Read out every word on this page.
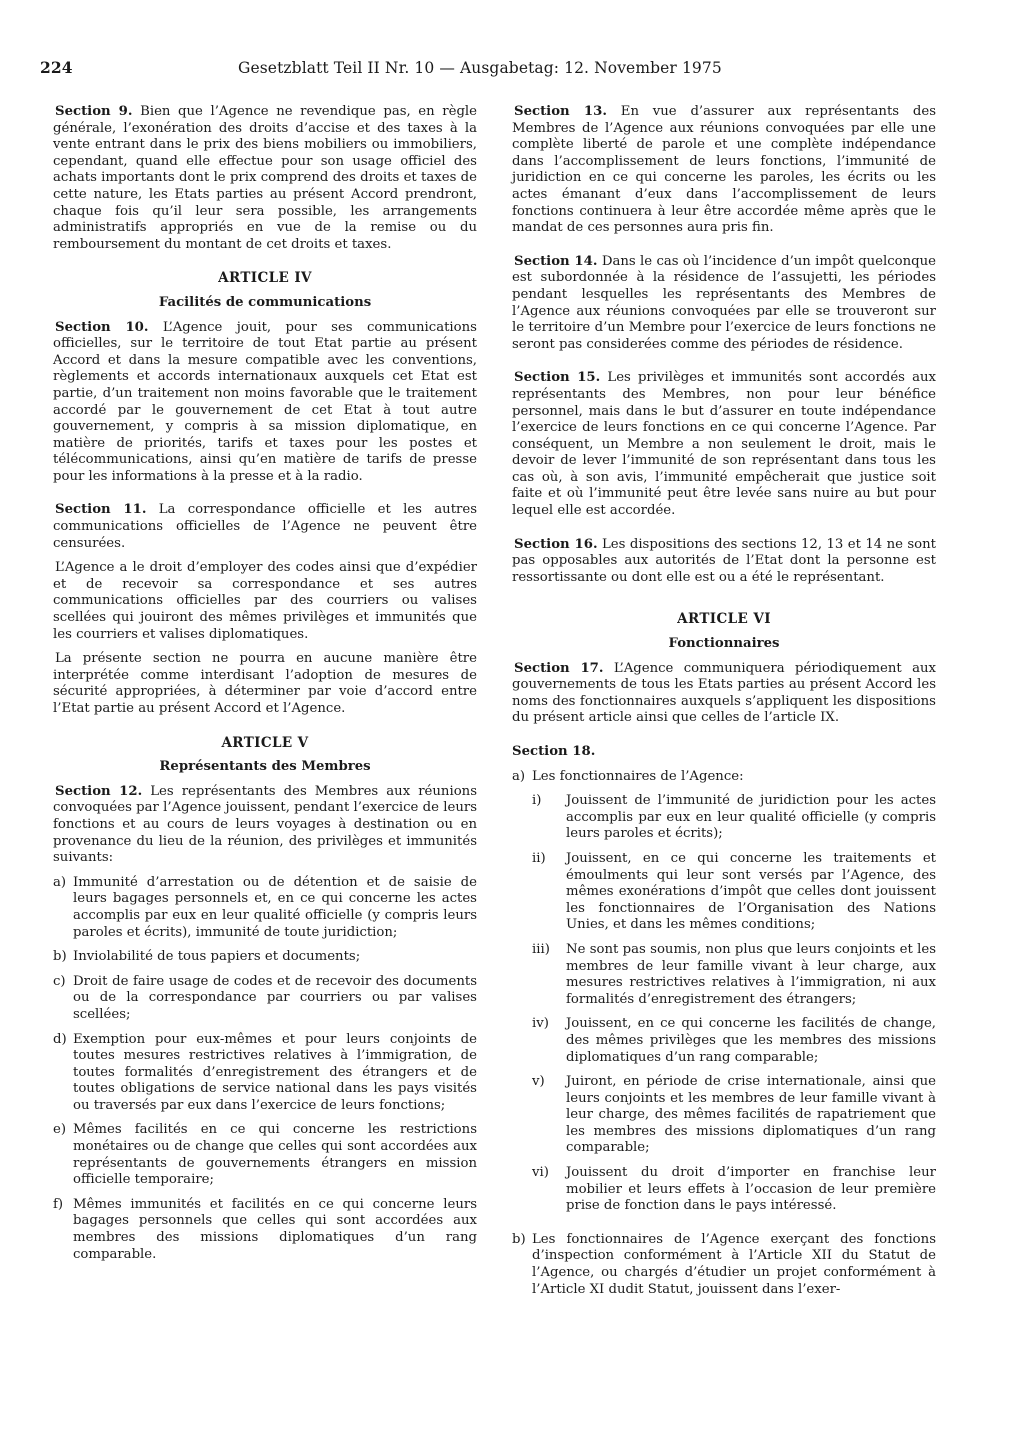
224	Gesetzblatt Teil II Nr. 10 — Ausgabetag: 12. November 1975

Section 9. Bien que l’Agence ne revendique pas, en règle générale, l’exonération des droits d’accise et des taxes à la vente entrant dans le prix des biens mobiliers ou immobiliers, cependant, quand elle effectue pour son usage officiel des achats importants dont le prix comprend des droits et taxes de cette nature, les Etats parties au présent Accord prendront, chaque fois qu’il leur sera possible, les arrangements administratifs appropriés en vue de la remise ou du remboursement du montant de cet droits et taxes.

ARTICLE IV

Facilités de communications

Section 10. L’Agence jouit, pour ses communications officielles, sur le territoire de tout Etat partie au présent Accord et dans la mesure compatible avec les conventions, règlements et accords internationaux auxquels cet Etat est partie, d’un traitement non moins favorable que le traitement accordé par le gouvernement de cet Etat à tout autre gouvernement, y compris à sa mission diplomatique, en matière de priorités, tarifs et taxes pour les postes et télécommunications, ainsi qu’en matière de tarifs de presse pour les informations à la presse et à la radio.

Section 11. La correspondance officielle et les autres communications officielles de l’Agence ne peuvent être censurées.

L’Agence a le droit d’employer des codes ainsi que d’expédier et de recevoir sa correspondance et ses autres communications officielles par des courriers ou valises scellées qui jouiront des mêmes privilèges et immunités que les courriers et valises diplomatiques.

La présente section ne pourra en aucune manière être interprétée comme interdisant l’adoption de mesures de sécurité appropriées, à déterminer par voie d’accord entre l’Etat partie au présent Accord et l’Agence.

ARTICLE V

Représentants des Membres

Section 12. Les représentants des Membres aux réunions convoquées par l’Agence jouissent, pendant l’exercice de leurs fonctions et au cours de leurs voyages à destination ou en provenance du lieu de la réunion, des privilèges et immunités suivants:

a) Immunité d’arrestation ou de détention et de saisie de leurs bagages personnels et, en ce qui concerne les actes accomplis par eux en leur qualité officielle (y compris leurs paroles et écrits), immunité de toute juridiction;
b) Inviolabilité de tous papiers et documents;
c) Droit de faire usage de codes et de recevoir des documents ou de la correspondance par courriers ou par valises scellées;
d) Exemption pour eux-mêmes et pour leurs conjoints de toutes mesures restrictives relatives à l’immigration, de toutes formalités d’enregistrement des étrangers et de toutes obligations de service national dans les pays visités ou traversés par eux dans l’exercice de leurs fonctions;
e) Mêmes facilités en ce qui concerne les restrictions monétaires ou de change que celles qui sont accordées aux représentants de gouvernements étrangers en mission officielle temporaire;
f) Mêmes immunités et facilités en ce qui concerne leurs bagages personnels que celles qui sont accordées aux membres des missions diplomatiques d’un rang comparable.

Section 13. En vue d’assurer aux représentants des Membres de l’Agence aux réunions convoquées par elle une complète liberté de parole et une complète indépendance dans l’accomplissement de leurs fonctions, l’immunité de juridiction en ce qui concerne les paroles, les écrits ou les actes émanant d’eux dans l’accomplissement de leurs fonctions continuera à leur être accordée même après que le mandat de ces personnes aura pris fin.

Section 14. Dans le cas où l’incidence d’un impôt quelconque est subordonnée à la résidence de l’assujetti, les périodes pendant lesquelles les représentants des Membres de l’Agence aux réunions convoquées par elle se trouveront sur le territoire d’un Membre pour l’exercice de leurs fonctions ne seront pas considerées comme des périodes de résidence.

Section 15. Les privilèges et immunités sont accordés aux représentants des Membres, non pour leur bénéfice personnel, mais dans le but d’assurer en toute indépendance l’exercice de leurs fonctions en ce qui concerne l’Agence. Par conséquent, un Membre a non seulement le droit, mais le devoir de lever l’immunité de son représentant dans tous les cas où, à son avis, l’immunité empêcherait que justice soit faite et où l’immunité peut être levée sans nuire au but pour lequel elle est accordée.

Section 16. Les dispositions des sections 12, 13 et 14 ne sont pas opposables aux autorités de l’Etat dont la personne est ressortissante ou dont elle est ou a été le représentant.

ARTICLE VI

Fonctionnaires

Section 17. L’Agence communiquera périodiquement aux gouvernements de tous les Etats parties au présent Accord les noms des fonctionnaires auxquels s’appliquent les dispositions du présent article ainsi que celles de l’article IX.

Section 18.

a) Les fonctionnaires de l’Agence:
i)	Jouissent de l’immunité de juridiction pour les actes accomplis par eux en leur qualité officielle (y compris leurs paroles et écrits);
ii)	Jouissent, en ce qui concerne les traitements et émoulments qui leur sont versés par l’Agence, des mêmes exonérations d’impôt que celles dont jouissent les fonctionnaires de l’Organisation des Nations Unies, et dans les mêmes conditions;
iii)	Ne sont pas soumis, non plus que leurs conjoints et les membres de leur famille vivant à leur charge, aux mesures restrictives relatives à l’immigration, ni aux formalités d’enregistrement des étrangers;
iv)	Jouissent, en ce qui concerne les facilités de change, des mêmes privilèges que les membres des missions diplomatiques d’un rang comparable;
v)	Juiront, en période de crise internationale, ainsi que leurs conjoints et les membres de leur famille vivant à leur charge, des mêmes facilités de rapatriement que les membres des missions diplomatiques d’un rang comparable;
vi)	Jouissent du droit d’importer en franchise leur mobilier et leurs effets à l’occasion de leur première prise de fonction dans le pays intéressé.
b) Les fonctionnaires de l’Agence exerçant des fonctions d’inspection conformément à l’Article XII du Statut de l’Agence, ou chargés d’étudier un projet conformément à l’Article XI dudit Statut, jouissent dans l’exer-
